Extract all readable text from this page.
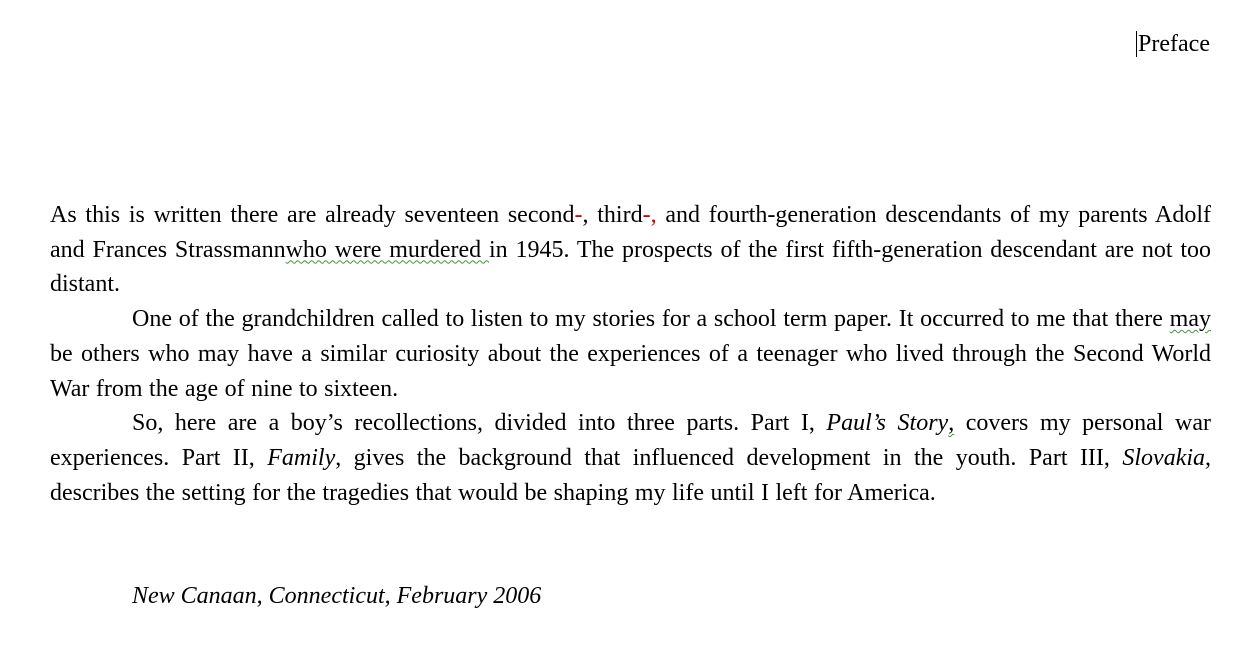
Preface

As this is written there are already seventeen second-, third-, and fourth-generation descendants of my parents Adolf and Frances Strassmannwho were murdered in 1945. The prospects of the first fifth-generation descendant are not too distant.

One of the grandchildren called to listen to my stories for a school term paper. It occurred to me that there may be others who may have a similar curiosity about the experiences of a teenager who lived through the Second World War from the age of nine to sixteen.

So, here are a boy’s recollections, divided into three parts. Part I, Paul’s Story, covers my personal war experiences. Part II, Family, gives the background that influenced development in the youth. Part III, Slovakia, describes the setting for the tragedies that would be shaping my life until I left for America.

New Canaan, Connecticut, February 2006
